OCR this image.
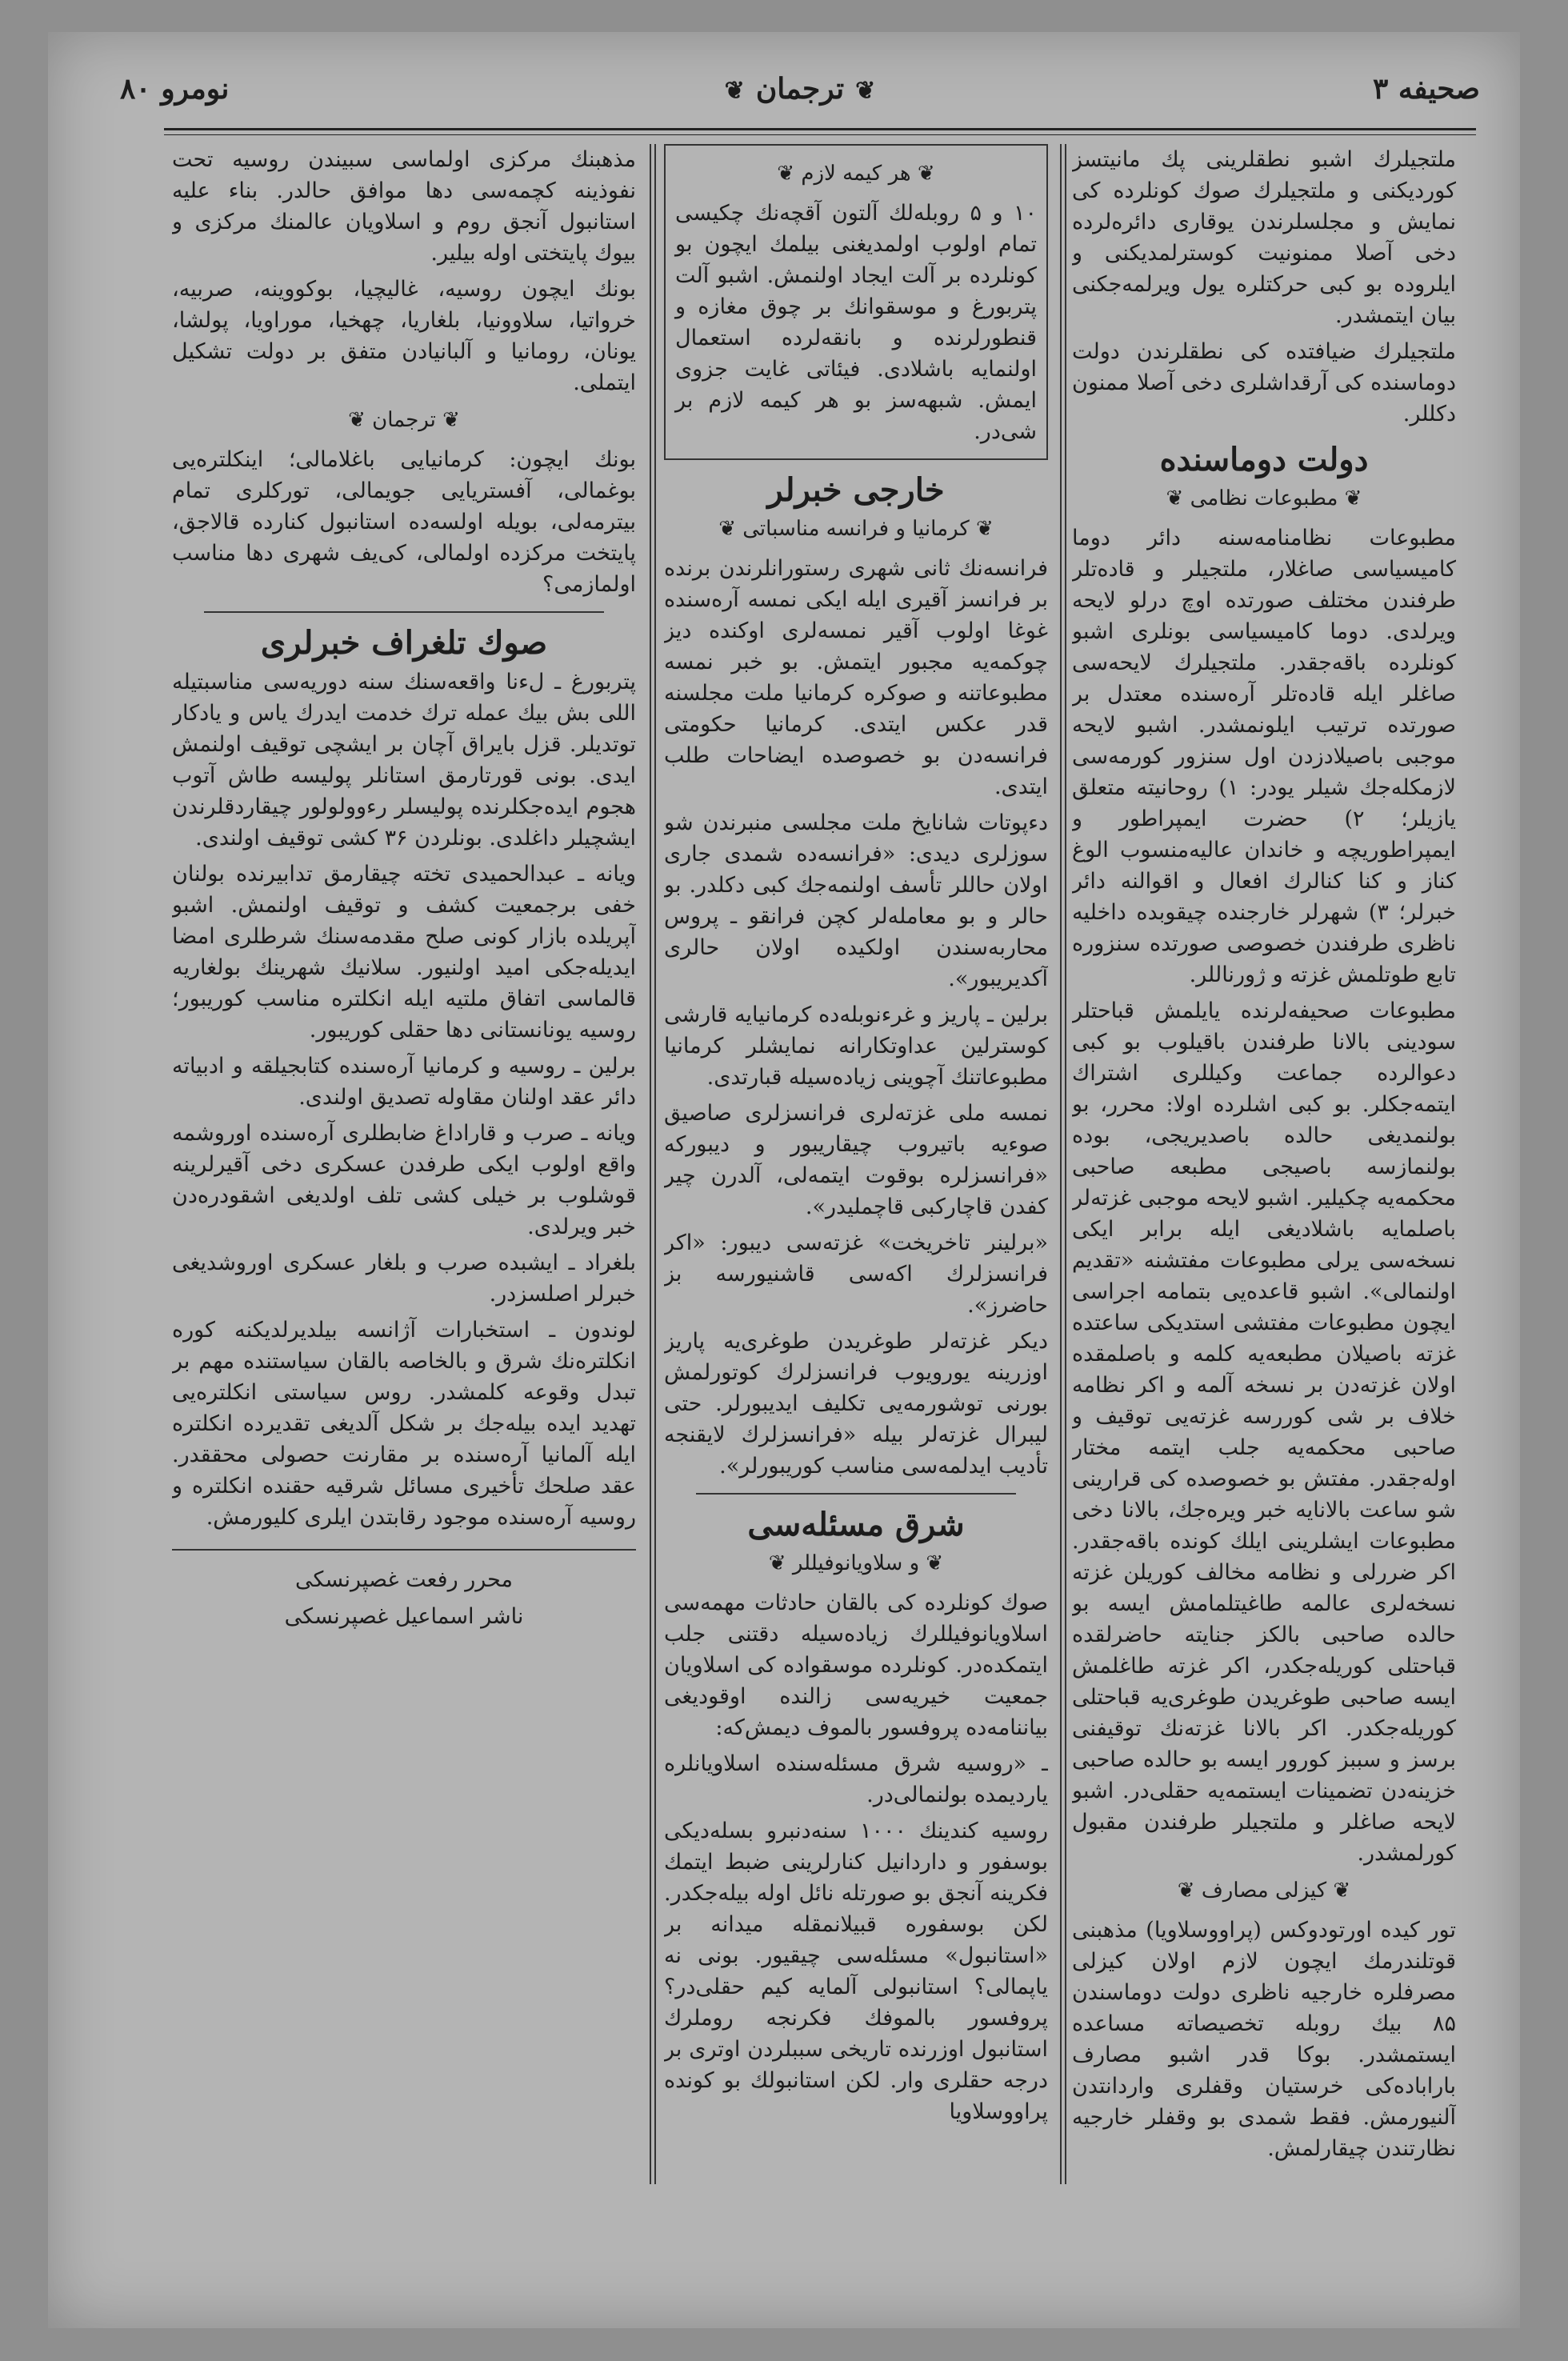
صحیفه ۳
❦ترجمان❦
نومرو ۸۰

ملتجیلرك اشبو نطقلرینی پك مانیتسز کوردیکنی و ملتجیلرك صوك کونلرده کی نمایش و مجلسلرندن یوقاری دائره‌لرده دخی آصلا ممنونیت کوسترلمدیکنی و ایلروده بو کبی حرکتلره یول ویرلمه‌جکنی بیان ایتمشدر.

ملتجیلرك ضیافتده کی نطقلرندن دولت دوماسنده کی آرقداشلری دخی آصلا ممنون دکللر.

دولت دوماسنده
❦ مطبوعات نظامی ❦

مطبوعات نظامنامه‌سنه دائر دوما کامیسیاسی صاغلار، ملتجیلر و قاده‌تلر طرفندن مختلف صورتده اوچ درلو لایحه ویرلدی. دوما کامیسیاسی بونلری اشبو کونلرده باقه‌جقدر. ملتجیلرك لایحه‌سی صاغلر ایله قاده‌تلر آره‌سنده معتدل بر صورتده ترتیب ایلونمشدر. اشبو لایحه موجبی باصیلادزدن اول سنزور کورمه‌سی لازمکله‌جك شیلر یودر: ۱) روحانیته متعلق یازیلر؛ ۲) حضرت ایمپراطور و ایمپراطوریچه و خاندان عالیه‌منسوب الوغ کناز و کنا کنالرك افعال و اقوالنه دائر خبرلر؛ ۳) شهرلر خارجنده چیقوبده داخلیه ناظری طرفندن خصوصی صورتده سنزوره تابع طوتلمش غزته و ژورناللر.

مطبوعات صحیفه‌لرنده یایلمش قباحتلر سودینی بالانا طرفندن باقیلوب بو کبی دعوالرده جماعت وکیللری اشتراك ایتمه‌جکلر. بو کبی اشلرده اولا: محرر، بو بولنمدیغی حالده باصدیریجی، بوده بولنمازسه باصیجی مطبعه صاحبی محکمه‌یه چکیلیر. اشبو لایحه موجبی غزته‌لر باصلمایه باشلادیغی ایله برابر ایکی نسخه‌سی یرلی مطبوعات مفتشنه «تقدیم اولنمالی». اشبو قاعده‌یی بتمامه اجراسی ایچون مطبوعات مفتشی استدیکی ساعتده غزته باصیلان مطبعه‌یه کلمه و باصلمقده اولان غزته‌دن بر نسخه آلمه و اکر نظامه خلاف بر شی کوررسه غزته‌یی توقیف و صاحبی محکمه‌یه جلب ایتمه مختار اوله‌جقدر. مفتش بو خصوصده کی قرارینی شو ساعت بالانایه خبر ویره‌جك، بالانا دخی مطبوعات ایشلرینی ایلك کونده باقه‌جقدر. اکر ضررلی و نظامه مخالف کوریلن غزته نسخه‌لری عالمه طاغیتلمامش ایسه بو حالده صاحبی بالکز جنایته حاضرلقده قباحتلی کوریله‌جکدر، اکر غزته طاغلمش ایسه صاحبی طوغریدن طوغری‌یه قباحتلی کوریله‌جکدر. اکر بالانا غزته‌نك توقیفنی برسز و سببز کورور ایسه بو حالده صاحبی خزینه‌دن تضمینات ایستمه‌یه حقلی‌در. اشبو لایحه صاغلر و ملتجیلر طرفندن مقبول کورلمشدر.

❦ کیزلی مصارف ❦

تور کیده اورتودوکس (پراووسلاویا) مذهبنی قوتلندرمك ایچون لازم اولان کیزلی مصرفلره خارجیه ناظری دولت دوماسندن ۸۵ بیك روبله تخصیصاته مساعده ایستمشدر. بوکا قدر اشبو مصارف باراباده‌کی خرستیان وقفلری واردانتدن آلنیورمش. فقط شمدی بو وقفلر خارجیه نظارتندن چیقارلمش.

❦ هر کیمه لازم ❦

۱۰ و ۵ روبله‌لك آلتون آقچه‌نك چکیسی تمام اولوب اولمدیغنی بیلمك ایچون بو کونلرده بر آلت ایجاد اولنمش. اشبو آلت پتربورغ و موسقوانك بر چوق مغازه و قنطورلرنده و بانقه‌لرده استعمال اولنمایه باشلادی. فیئاتی غایت جزوی ایمش. شبهه‌سز بو هر کیمه لازم بر شی‌در.

خارجی خبرلر
❦ کرمانیا و فرانسه مناسباتی ❦

فرانسه‌نك ثانی شهری رستورانلرندن برنده بر فرانسز آقیری ایله ایکی نمسه آره‌سنده غوغا اولوب آقیر نمسه‌لری اوکنده دیز چوکمه‌یه مجبور ایتمش. بو خبر نمسه مطبوعاتنه و صوکره کرمانیا ملت مجلسنه قدر عکس ایتدی. کرمانیا حکومتی فرانسه‌دن بو خصوصده ایضاحات طلب ایتدی.

دءپوتات شانایخ ملت مجلسی منبرندن شو سوزلری دیدی: «فرانسه‌ده شمدی جاری اولان حاللر تأسف اولنمه‌جك کبی دکلدر. بو حالر و بو معامله‌لر کچن فرانقو ـ پروس محاربه‌سندن اولکیده اولان حالری آکدیریبور».

برلین ـ پاریز و غرءنوبله‌ده کرمانیایه قارشی کوسترلین عداوتکارانه نمایشلر کرمانیا مطبوعاتنك آچوینی زیاده‌سیله قبارتدی.

نمسه ملی غزته‌لری فرانسزلری صاصیق صوءیه باتیروب چیقاریبور و دیبورکه «فرانسزلره بوقوت ایتمه‌لی، آلدرن چیر کفدن قاچارکبی قاچملیدر».

«برلینر تاخریخت» غزته‌سی دیبور: «اکر فرانسزلرك اکه‌سی قاشنیورسه بز حاضرز».

دیکر غزته‌لر طوغریدن طوغری‌یه پاریز اوزرینه یورویوب فرانسزلرك کوتورلمش بورنی توشورمه‌یی تکلیف ایدیبورلر. حتی لیبرال غزته‌لر بیله «فرانسزلرك لایقنجه تأدیب ایدلمه‌سی مناسب کوریبورلر».

شرق مسئله‌سی
❦ و سلاویانوفیللر ❦

صوك کونلرده کی بالقان حادثات مهمه‌سی اسلاویانوفیللرك زیاده‌سیله دقتنی جلب ایتمکده‌در. کونلرده موسقواده کی اسلاویان جمعیت خیریه‌سی زالنده اوقودیغی بیاننامه‌ده پروفسور بالموف دیمش‌که:

ـ «روسیه شرق مسئله‌سنده اسلاویانلره یاردیمده بولنمالی‌در.

روسیه کندینك ۱۰۰۰ سنه‌دنبرو بسله‌دیکی بوسفور و داردانیل کنارلرینی ضبط ایتمك فکرینه آنجق بو صورتله نائل اوله بیله‌جکدر. لکن بوسفوره قبیلانمقله میدانه بر «استانبول» مسئله‌سی چیقیور. بونی نه یاپمالی؟ استانبولی آلمایه کیم حقلی‌در؟ پروفسور بالموفك فکرنجه روملرك استانبول اوزرنده تاریخی سببلردن اوتری بر درجه حقلری وار. لکن استانبولك بو کونده پراووسلاویا

مذهبنك مرکزی اولماسی سبیندن روسیه تحت نفوذینه کچمه‌سی دها موافق حالدر. بناء علیه استانبول آنجق روم و اسلاویان عالمنك مرکزی و بیوك پایتختی اوله بیلیر.

بونك ایچون روسیه، غالیچیا، بوکووینه، صربیه، خرواتیا، سلاوونیا، بلغاریا، چهخیا، موراویا، پولشا، یونان، رومانیا و آلبانیادن متفق بر دولت تشکیل ایتملی.

❦ ترجمان ❦

بونك ایچون: کرمانیایی باغلامالی؛ اینکلتره‌یی بوغمالی، آفستریایی جویمالی، تورکلری تمام بیترمه‌لی، بویله اولسه‌ده استانبول کنارده قالاجق، پایتخت مرکزده اولمالی، کی‌یف شهری دها مناسب اولمازمی؟

صوك تلغراف خبرلری

پتربورغ ـ لءنا واقعه‌سنك سنه دوریه‌سی مناسبتیله اللی بش بیك عمله ترك خدمت ایدرك یاس و یادکار توتدیلر. قزل بایراق آچان بر ایشچی توقیف اولنمش ایدی. بونی قورتارمق استانلر پولیسه طاش آتوب هجوم ایده‌جکلرنده پولیسلر رءوولولور چیقاردقلرندن ایشچیلر داغلدی. بونلردن ۳۶ کشی توقیف اولندی.

ویانه ـ عبدالحمیدی تخته چیقارمق تدابیرنده بولنان خفی برجمعیت کشف و توقیف اولنمش. اشبو آپریلده بازار کونی صلح مقدمه‌سنك شرطلری امضا ایدیله‌جکی امید اولنیور. سلانیك شهرینك بولغاریه قالماسی اتفاق ملتیه ایله انکلتره مناسب کوریبور؛ روسیه یونانستانی دها حقلی کوریبور.

برلین ـ روسیه و کرمانیا آره‌سنده کتابجیلقه و ادبیاته دائر عقد اولنان مقاوله تصدیق اولندی.

ویانه ـ صرب و قاراداغ ضابطلری آره‌سنده اوروشمه واقع اولوب ایکی طرفدن عسکری دخی آقیرلرینه قوشلوب بر خیلی کشی تلف اولدیغی اشقودره‌دن خبر ویرلدی.

بلغراد ـ ایشبده صرب و بلغار عسکری اوروشدیغی خبرلر اصلسزدر.

لوندون ـ استخبارات آژانسه بیلدیرلدیکنه کوره انکلتره‌نك شرق و بالخاصه بالقان سیاستنده مهم بر تبدل وقوعه کلمشدر. روس سیاستی انکلتره‌یی تهدید ایده بیله‌جك بر شکل آلدیغی تقدیرده انکلتره ایله آلمانیا آره‌سنده بر مقارنت حصولی محققدر. عقد صلحك تأخیری مسائل شرقیه حقنده انکلتره و روسیه آره‌سنده موجود رقابتدن ایلری کلیورمش.

محرر رفعت غصپرنسکی
ناشر اسماعیل غصپرنسکی
